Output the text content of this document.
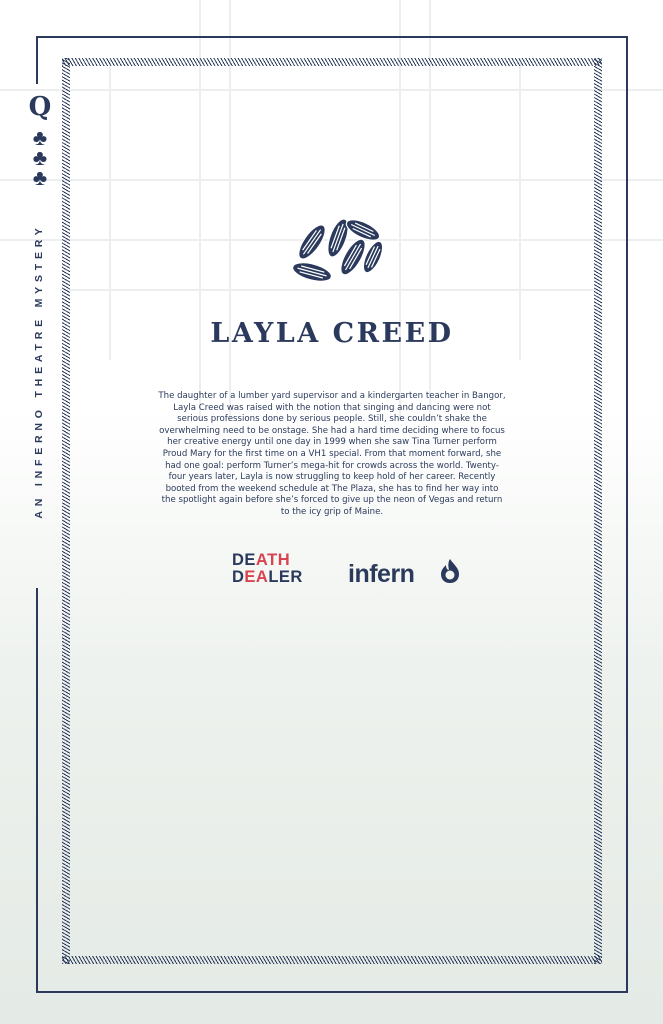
Q
♣
♣
♣
AN INFERNO THEATRE MYSTERY	LAYLA CREED
The daughter of a lumber yard supervisor and a kindergarten teacher in Bangor, Layla Creed was raised with the notion that singing and dancing were not serious professions done by serious people. Still, she couldn’t shake the overwhelming need to be onstage. She had a hard time deciding where to focus her creative energy until one day in 1999 when she saw Tina Turner perform Proud Mary for the first time on a VH1 special. From that moment forward, she had one goal: perform Turner’s mega-hit for crowds across the world. Twenty-four years later, Layla is now struggling to keep hold of her career. Recently booted from the weekend schedule at The Plaza, she has to find her way into the spotlight again before she’s forced to give up the neon of Vegas and return to the icy grip of Maine.
DEATH
DEALER infern
